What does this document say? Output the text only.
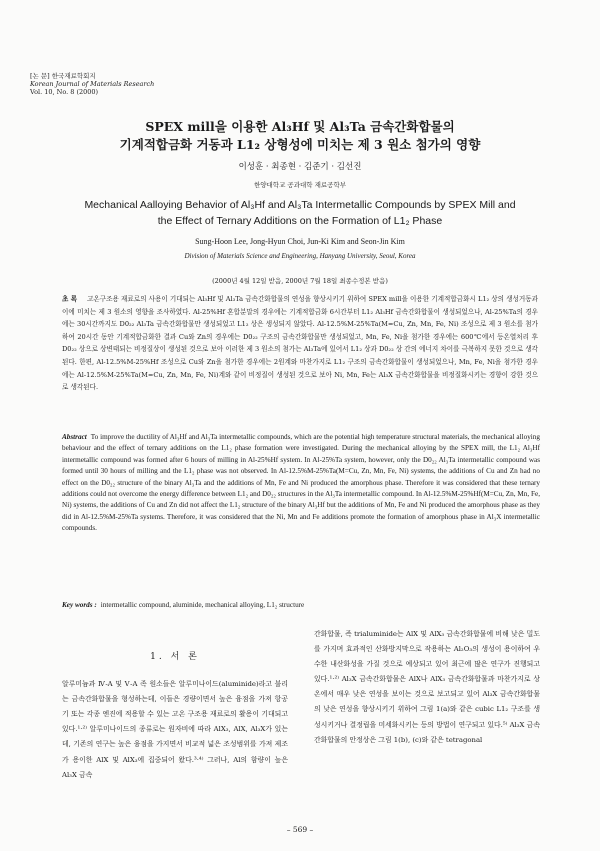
[논 문] 한국재료학회지
Korean Journal of Materials Research
Vol. 10, No. 8 (2000)
SPEX mill을 이용한 Al₃Hf 및 Al₃Ta 금속간화합물의
기계적합금화 거동과 L1₂ 상형성에 미치는 제 3 원소 첨가의 영향
이성훈 · 최종현 · 김준기 · 김선진
한양대학교 공과대학 재료공학부
Mechanical Aalloying Behavior of Al₃Hf and Al₃Ta Intermetallic Compounds by SPEX Mill and
the Effect of Ternary Additions on the Formation of L1₂ Phase
Sung-Hoon Lee, Jong-Hyun Choi, Jun-Ki Kim and Seon-Jin Kim
Division of Materials Science and Engineering, Hanyang University, Seoul, Korea
(2000년 4월 12일 받음, 2000년 7월 18일 최종수정본 받음)
초 록 고온구조용 재료로의 사용이 기대되는 Al₃Hf 및 Al₃Ta 금속간화합물의 연성을 향상시키기 위하여 SPEX mill을 이용한 기계적합금화시 L1₂ 상의 생성거동과 이에 미치는 제 3 원소의 영향을 조사하였다. Al-25%Hf 혼합분말의 경우에는 기계적합금화 6시간부터 L1₂ Al₃Hf 금속간화합물이 생성되었으나, Al-25%Ta의 경우에는 30시간까지도 D0₂₂ Al₃Ta 금속간화합물만 생성되었고 L1₂ 상은 생성되지 않았다. Al-12.5%M-25%Ta(M=Cu, Zn, Mn, Fe, Ni) 조성으로 제 3 원소를 첨가하여 20시간 동안 기계적합금화한 결과 Cu와 Zn의 경우에는 D0₂₂ 구조의 금속간화합물만 생성되었고, Mn, Fe, Ni을 첨가한 경우에는 600℃에서 등온열처리 후 D0₂₂ 상으로 상변태되는 비정질상이 생성된 것으로 보아 이러한 제 3 원소의 첨가는 Al₃Ta에 있어서 L1₂ 상과 D0₂₂ 상 간의 에너지 차이를 극복하지 못한 것으로 생각된다. 한편, Al-12.5%M-25%Hf 조성으로 Cu와 Zn을 첨가한 경우에는 2원계와 마찬가지로 L1₂ 구조의 금속간화합물이 생성되었으나, Mn, Fe, Ni을 첨가한 경우에는 Al-12.5%M-25%Ta(M=Cu, Zn, Mn, Fe, Ni)계와 같이 비정질이 생성된 것으로 보아 Ni, Mn, Fe는 Al₃X 금속간화합물을 비정질화시키는 경향이 강한 것으로 생각된다.
Abstract To improve the ductility of Al₃Hf and Al₃Ta intermetallic compounds, which are the potential high temperature structural materials, the mechanical alloying behaviour and the effect of ternary additions on the L1₂ phase formation were investigated. During the mechanical alloying by the SPEX mill, the L1₂ Al₃Hf intermetallic compound was formed after 6 hours of milling in Al-25%Hf system. In Al-25%Ta system, however, only the D0₂₂ Al₃Ta intermetallic compound was formed until 30 hours of milling and the L1₂ phase was not observed. In Al-12.5%M-25%Ta(M=Cu, Zn, Mn, Fe, Ni) systems, the additions of Cu and Zn had no effect on the D0₂₂ structure of the binary Al₃Ta and the additions of Mn, Fe and Ni produced the amorphous phase. Therefore it was considered that these ternary additions could not overcome the energy difference between L1₂ and D0₂₂ structures in the Al₃Ta intermetallic compound. In Al-12.5%M-25%Hf(M=Cu, Zn, Mn, Fe, Ni) systems, the additions of Cu and Zn did not affect the L1₂ structure of the binary Al₃Hf but the additions of Mn, Fe and Ni produced the amorphous phase as they did in Al-12.5%M-25%Ta systems. Therefore, it was considered that the Ni, Mn and Fe additions promote the formation of amorphous phase in Al₃X intermetallic compounds.
Key words : intermetallic compound, aluminide, mechanical alloying, L1₂ structure
1. 서 론
알루미늄과 Ⅳ-A 및 Ⅴ-A 족 원소들은 알루미나이드(aluminide)라고 불리는 금속간화합물을 형성하는데, 이들은 경량이면서 높은 융점을 가져 항공기 또는 각종 엔진에 적용할 수 있는 고온 구조용 재료로의 활용이 기대되고 있다.¹·²⁾ 알루미나이드의 종류로는 원자비에 따라 AlX₃, AlX, Al₃X가 있는데, 기존의 연구는 높은 융점을 가지면서 비교적 넓은 조성범위를 가져 제조가 용이한 AlX 및 AlX₃에 집중되어 왔다.³·⁴⁾ 그러나, Al의 함량이 높은 Al₃X 금속
간화합물, 즉 trialuminide는 AlX 및 AlX₃ 금속간화합물에 비해 낮은 밀도를 가지며 효과적인 산화방지막으로 작용하는 Al₂O₃의 생성이 용이하여 우수한 내산화성을 가질 것으로 예상되고 있어 최근에 많은 연구가 진행되고 있다.¹·²⁾ Al₃X 금속간화합물은 AlX나 AlX₃ 금속간화합물과 마찬가지로 상온에서 매우 낮은 연성을 보이는 것으로 보고되고 있어 Al₃X 금속간화합물의 낮은 연성을 향상시키기 위하여 그림 1(a)와 같은 cubic L1₂ 구조를 생성시키거나 결정립을 미세화시키는 등의 방법이 연구되고 있다.⁵⁾ Al₃X 금속간화합물의 안정상은 그림 1(b), (c)와 같은 tetragonal
– 569 –
